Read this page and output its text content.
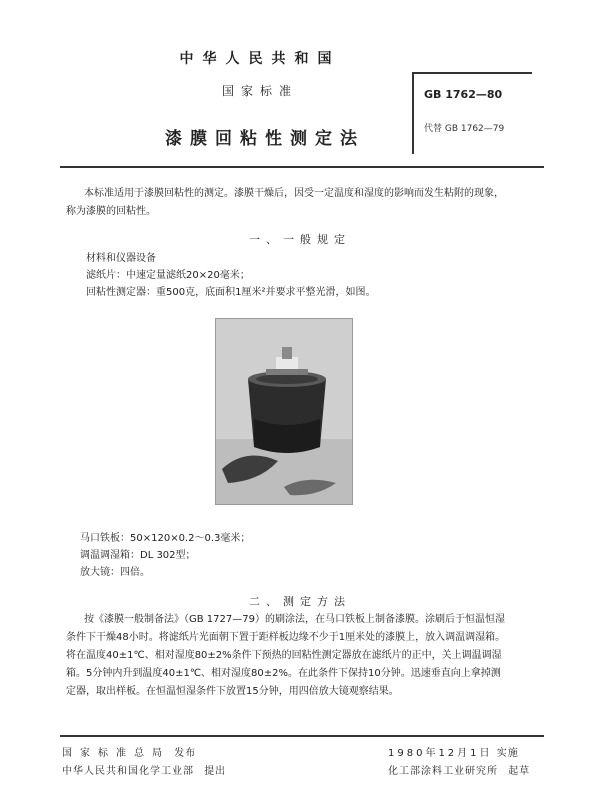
中华人民共和国
国家标准
漆膜回粘性测定法
GB 1762—80
代替 GB 1762—79
本标准适用于漆膜回粘性的测定。漆膜干燥后，因受一定温度和湿度的影响而发生粘附的现象，
称为漆膜的回粘性。
一、一般规定
材料和仪器设备
滤纸片：中速定量滤纸20×20毫米；
回粘性测定器：重500克，底面积1厘米²并要求平整光滑，如图。
马口铁板：50×120×0.2～0.3毫米；
调温调湿箱：DL 302型；
放大镜：四倍。
二、测定方法
按《漆膜一般制备法》（GB 1727—79）的刷涂法，在马口铁板上制备漆膜。涂刷后于恒温恒湿
条件下干燥48小时。将滤纸片光面朝下置于距样板边缘不少于1厘米处的漆膜上，放入调温调湿箱。
将在温度40±1℃、相对湿度80±2%条件下预热的回粘性测定器放在滤纸片的正中，关上调温调湿
箱。5分钟内升到温度40±1℃、相对湿度80±2%。在此条件下保持10分钟。迅速垂直向上拿掉测
定器，取出样板。在恒温恒湿条件下放置15分钟，用四倍放大镜观察结果。
国家标准总局 发布
中华人民共和国化学工业部 提出
1980年12月1日 实施
化工部涂料工业研究所 起草
